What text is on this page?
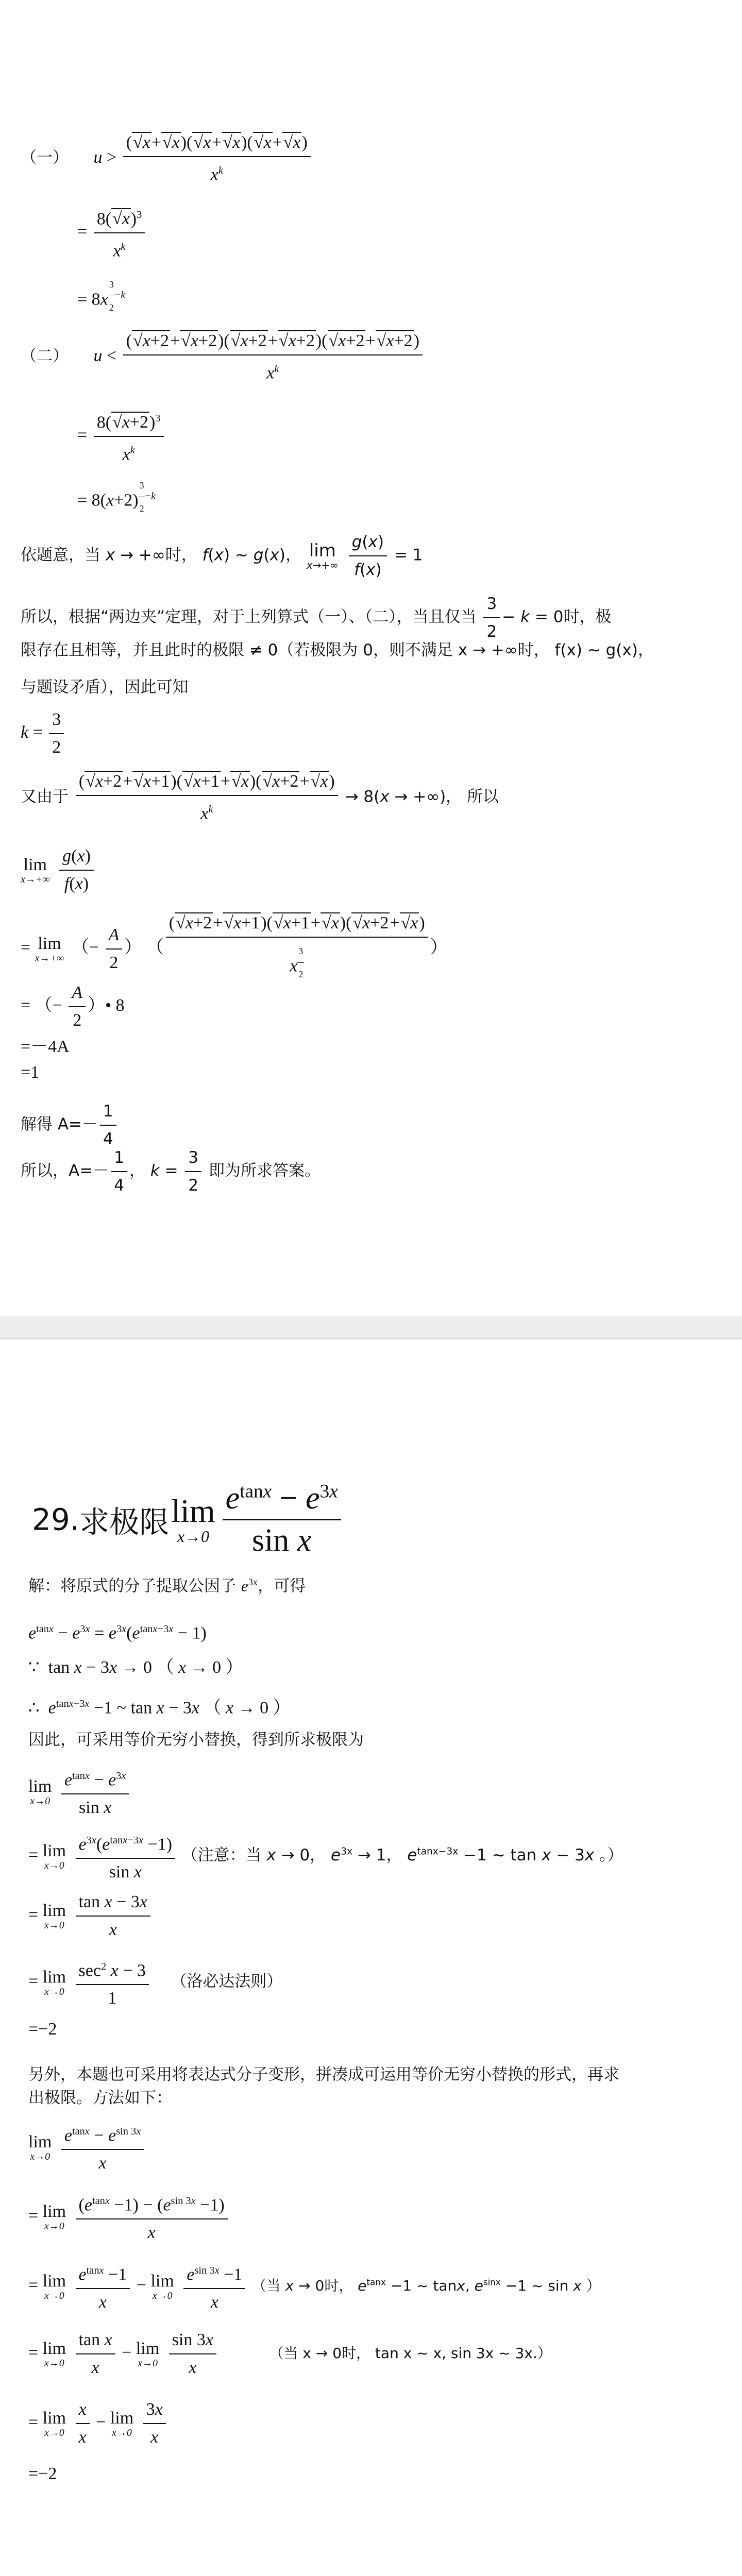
（一） $u > \frac{(√x+√x)(√x+√x)(√x+√x)}{x^k}$
= $\frac{8(√x)^3}{x^k}$
= 8x $^{\frac{3}{2} -k}$
（二） $u < \frac{(√x+2+√x+2)(√x+2+√x+2)(√x+2+√x+2)}{x^k}$
= $\frac{8(√x+2)^3}{x^k}$
= 8(x+2) $^{\frac{3}{2} -k}$
依题意，当 x → +∞时， f(x) ~ g(x)， lim
x→+∞
$\frac{g(x)}{f(x)} = 1$
所以，根据“两边夹”定理，对于上列算式（一）、（二），当且仅当 $\frac{3}{2} - k = 0$时，极
限存在且相等，并且此时的极限 ≠ 0（若极限为 0，则不满足 x → +∞时， f(x) ~ g(x)，
与题设矛盾），因此可知
$k = \frac{3}{2}$
又由于 $\frac{(√x+2+√x+1)(√x+1+√x)(√x+2+√x)}{x^k} \to 8(x$ → +∞)， 所以
lim
x→+∞
$\frac{g(x)}{f(x)}$
= lim
x→+∞
（− $\frac{A}{2}$ ） （ (√x+2+√x+1)(√x+1+√x)(√x+2+√x)
x $^{\frac{3}{2}}$ ）
= （− $\frac{A}{2}$ ）• 8
=－4A
=1
解得 $A=- \frac{1}{4}$
所以，$A=- \frac{1}{4}$ ， $k = \frac{3}{2}$ 即为所求答案。
29.求极限 lim
x→0
$\frac{e^{tanx} - e^{3x}}{\text{sin x}}$
解：将原式的分子提取公因子 $e^{3x}$，可得
$e^{tanx} - e^{3x} = e^{3x}(e^{tanx-3x} - 1)$
∵  tan x − 3x → 0 （ x → 0 ）
∴  $e^{tanx-3x} -1$ ~ tan x − 3x （ x → 0 ）
因此，可采用等价无穷小替换，得到所求极限为
lim
x→0
$\frac{e^{tanx} - e^{3x}}{\text{sin x}}$
= lim
x→0
$\frac{e^{3x}(e^{tanx-3x} -1)}{\text{sin x}}$ （注意：当 x → 0， $e^{3x} \to 1$， $e^{tanx-3x} -1$ ~ tan x − 3x 。）
= lim
x→0
$\frac{\text{tan x − 3x}}{x}$
= lim
x→0
$\frac{\sec^2 x - 3}{1}$ （洛必达法则）
=−2
另外，本题也可采用将表达式分子变形，拼凑成可运用等价无穷小替换的形式，再求
出极限。方法如下：
lim
x→0
$\frac{e^{tanx} - e^{sin 3x}}{x}$
= lim
x→0
$\frac{(e^{tanx} -1) - (e^{sin 3x} -1)}{x}$
= lim
x→0
$\frac{e^{tanx} -1}{x} - \lim$
x→0
$\frac{e^{sin 3x} -1}{x}$ （当 x → 0时， $e^{tanx} -1$ ~ tanx, $e^{sinx} -1$ ~ sin x ）
= lim
x→0
$\frac{\text{tan x}}{x} - \lim$
x→0
$\frac{\sin 3x}{x}$	（当 x → 0时， tan x ~ x, sin 3x ~ 3x.）
= lim
x→0
$\frac{x}{x} - \lim$
x→0
$\frac{3x}{x}$
=−2
